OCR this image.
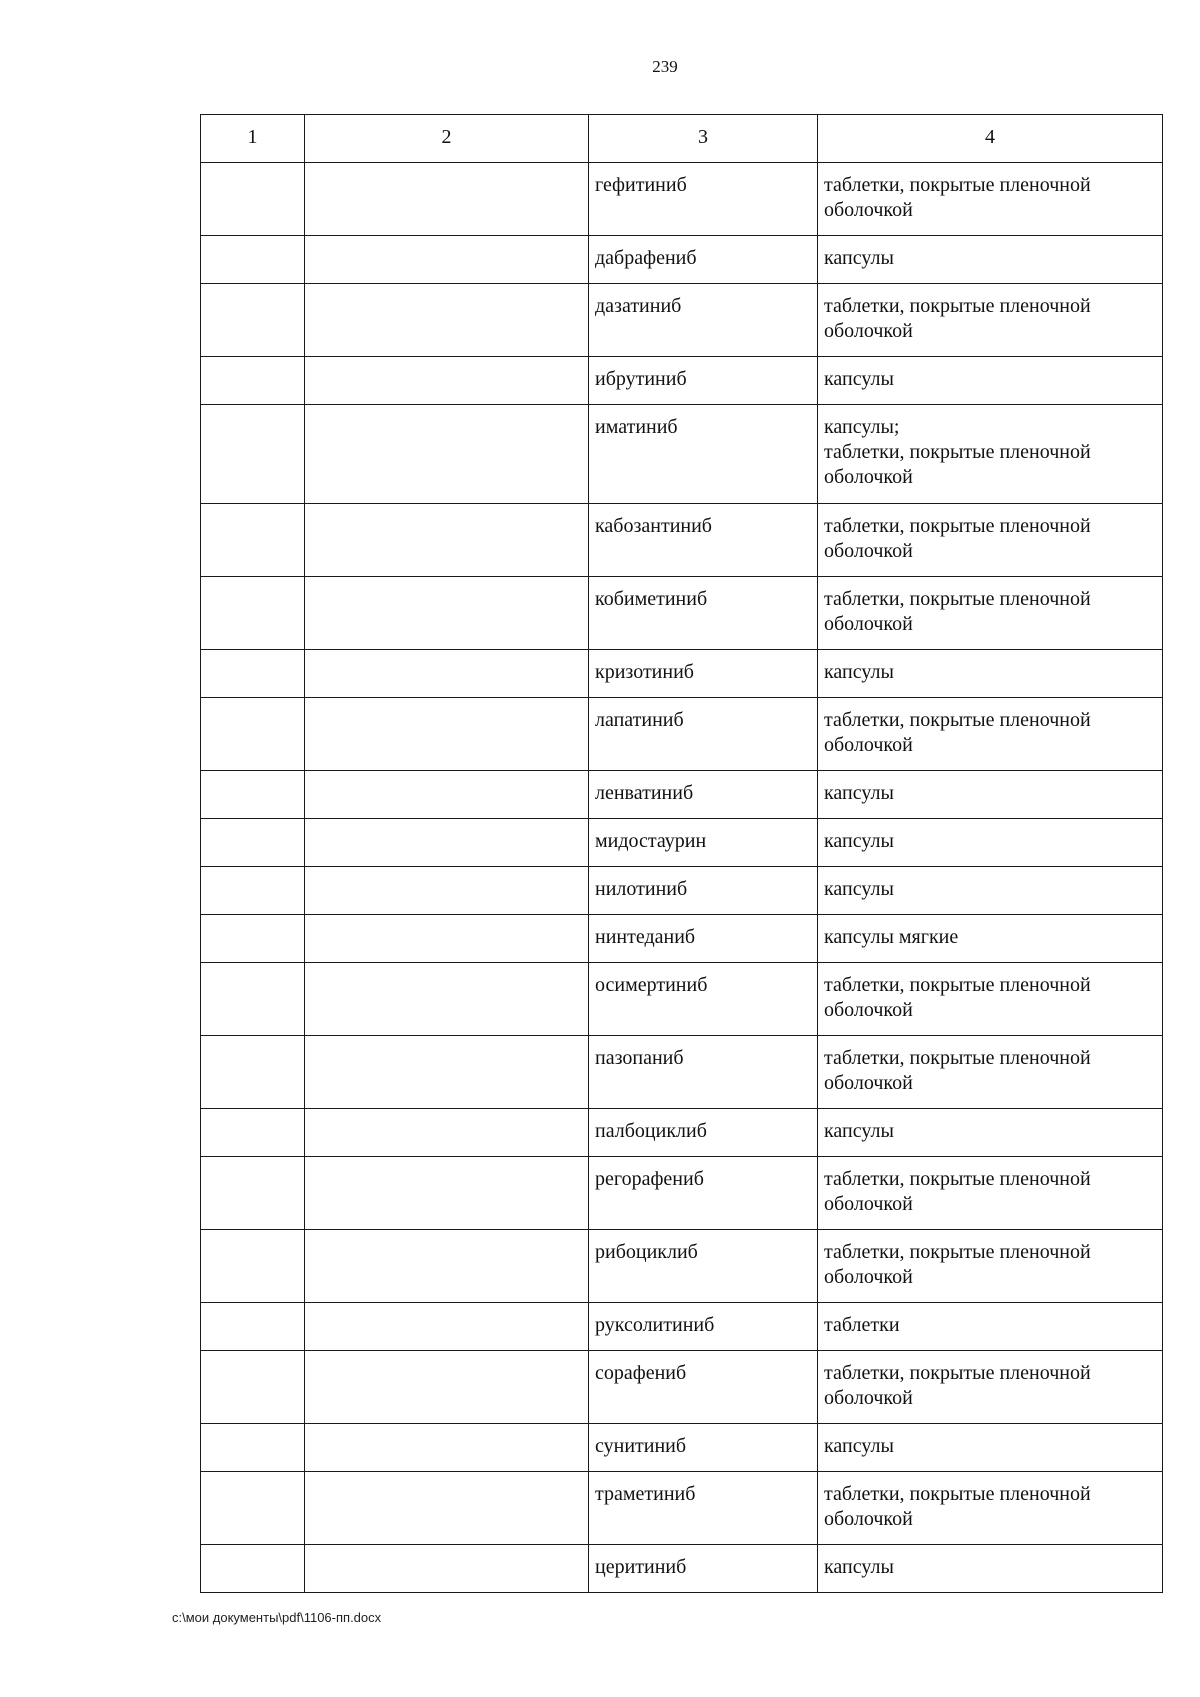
239
1	2	3	4
		гефитиниб	таблетки, покрытые пленочной
оболочкой
		дабрафениб	капсулы
		дазатиниб	таблетки, покрытые пленочной
оболочкой
		ибрутиниб	капсулы
		иматиниб	капсулы;
таблетки, покрытые пленочной
оболочкой
		кабозантиниб	таблетки, покрытые пленочной
оболочкой
		кобиметиниб	таблетки, покрытые пленочной
оболочкой
		кризотиниб	капсулы
		лапатиниб	таблетки, покрытые пленочной
оболочкой
		ленватиниб	капсулы
		мидостаурин	капсулы
		нилотиниб	капсулы
		нинтеданиб	капсулы мягкие
		осимертиниб	таблетки, покрытые пленочной
оболочкой
		пазопаниб	таблетки, покрытые пленочной
оболочкой
		палбоциклиб	капсулы
		регорафениб	таблетки, покрытые пленочной
оболочкой
		рибоциклиб	таблетки, покрытые пленочной
оболочкой
		руксолитиниб	таблетки
		сорафениб	таблетки, покрытые пленочной
оболочкой
		сунитиниб	капсулы
		траметиниб	таблетки, покрытые пленочной
оболочкой
		церитиниб	капсулы
c:\мои документы\pdf\1106-пп.docx
